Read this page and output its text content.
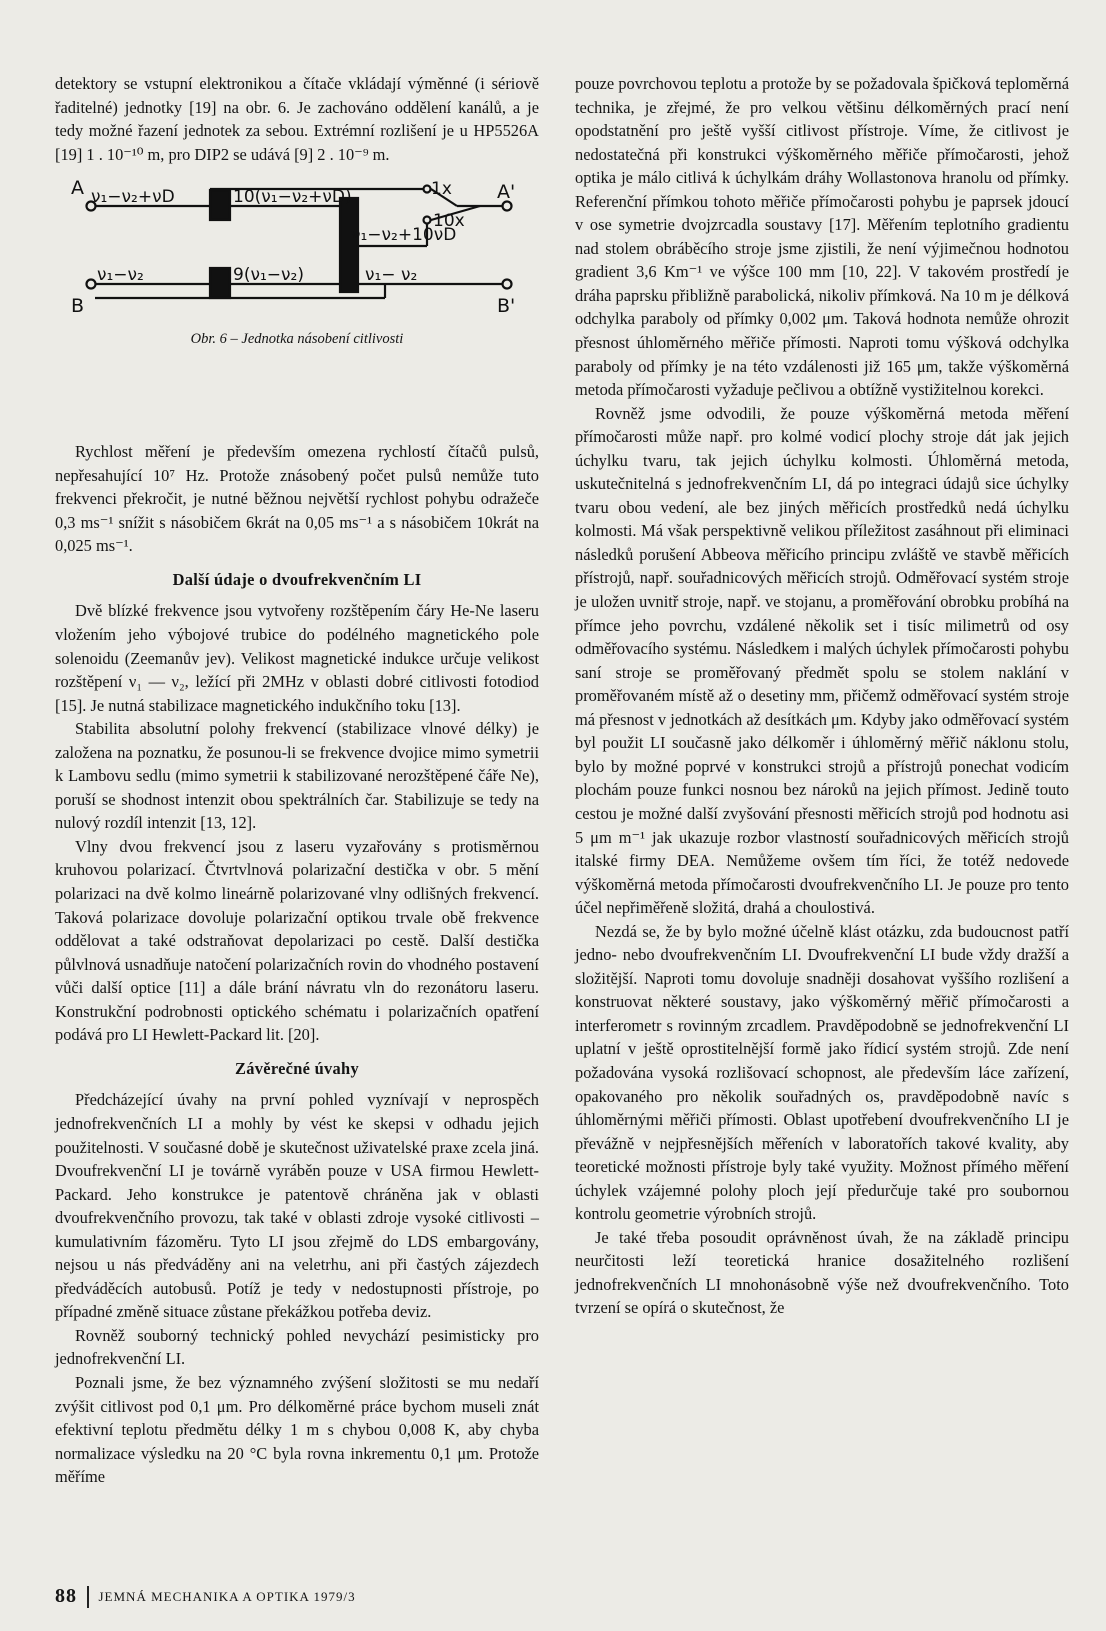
detektory se vstupní elektronikou a čítače vkládají výměnné (i sériově řaditelné) jednotky [19] na obr. 6. Je zachováno oddělení kanálů, a je tedy možné řazení jednotek za sebou. Extrémní rozlišení je u HP5526A [19] 1 . 10⁻¹⁰ m, pro DIP2 se udává [9] 2 . 10⁻⁹ m.

A
B
A'
B'
ν₁−ν₂+νD
ν₁−ν₂
10(ν₁−ν₂+νD)
9(ν₁−ν₂)
ν₁−ν₂+10νD
ν₁− ν₂
1x
10x
Obr. 6 – Jednotka násobení citlivosti

Rychlost měření je především omezena rychlostí čítačů pulsů, nepřesahující 10⁷ Hz. Protože znásobený počet pulsů nemůže tuto frekvenci překročit, je nutné běžnou největší rychlost pohybu odražeče 0,3 ms⁻¹ snížit s násobičem 6krát na 0,05 ms⁻¹ a s násobičem 10krát na 0,025 ms⁻¹.

Další údaje o dvoufrekvenčním LI

Dvě blízké frekvence jsou vytvořeny rozštěpením čáry He-Ne laseru vložením jeho výbojové trubice do podélného magnetického pole solenoidu (Zeemanův jev). Velikost magnetické indukce určuje velikost rozštěpení ν₁ — ν₂, ležící při 2MHz v oblasti dobré citlivosti fotodiod [15]. Je nutná stabilizace magnetického indukčního toku [13].

Stabilita absolutní polohy frekvencí (stabilizace vlnové délky) je založena na poznatku, že posunou-li se frekvence dvojice mimo symetrii k Lambovu sedlu (mimo symetrii k stabilizované nerozštěpené čáře Ne), poruší se shodnost intenzit obou spektrálních čar. Stabilizuje se tedy na nulový rozdíl intenzit [13, 12].

Vlny dvou frekvencí jsou z laseru vyzařovány s protisměrnou kruhovou polarizací. Čtvrtvlnová polarizační destička v obr. 5 mění polarizaci na dvě kolmo lineárně polarizované vlny odlišných frekvencí. Taková polarizace dovoluje polarizační optikou trvale obě frekvence oddělovat a také odstraňovat depolarizaci po cestě. Další destička půlvlnová usnadňuje natočení polarizačních rovin do vhodného postavení vůči další optice [11] a dále brání návratu vln do rezonátoru laseru. Konstrukční podrobnosti optického schématu i polarizačních opatření podává pro LI Hewlett-Packard lit. [20].

Závěrečné úvahy

Předcházející úvahy na první pohled vyznívají v neprospěch jednofrekvenčních LI a mohly by vést ke skepsi v odhadu jejich použitelnosti. V současné době je skutečnost uživatelské praxe zcela jiná. Dvoufrekvenční LI je továrně vyráběn pouze v USA firmou Hewlett-Packard. Jeho konstrukce je patentově chráněna jak v oblasti dvoufrekvenčního provozu, tak také v oblasti zdroje vysoké citlivosti – kumulativním fázoměru. Tyto LI jsou zřejmě do LDS embargovány, nejsou u nás předváděny ani na veletrhu, ani při častých zájezdech předváděcích autobusů. Potíž je tedy v nedostupnosti přístroje, po případné změně situace zůstane překážkou potřeba deviz.

Rovněž souborný technický pohled nevychází pesimisticky pro jednofrekvenční LI.

Poznali jsme, že bez významného zvýšení složitosti se mu nedaří zvýšit citlivost pod 0,1 μm. Pro délkoměrné práce bychom museli znát efektivní teplotu předmětu délky 1 m s chybou 0,008 K, aby chyba normalizace výsledku na 20 °C byla rovna inkrementu 0,1 μm. Protože měříme

pouze povrchovou teplotu a protože by se požadovala špičková teploměrná technika, je zřejmé, že pro velkou většinu délkoměrných prací není opodstatnění pro ještě vyšší citlivost přístroje. Víme, že citlivost je nedostatečná při konstrukci výškoměrného měřiče přímočarosti, jehož optika je málo citlivá k úchylkám dráhy Wollastonova hranolu od přímky. Referenční přímkou tohoto měřiče přímočarosti pohybu je paprsek jdoucí v ose symetrie dvojzrcadla soustavy [17]. Měřením teplotního gradientu nad stolem obráběcího stroje jsme zjistili, že není výjimečnou hodnotou gradient 3,6 Km⁻¹ ve výšce 100 mm [10, 22]. V takovém prostředí je dráha paprsku přibližně parabolická, nikoliv přímková. Na 10 m je délková odchylka paraboly od přímky 0,002 μm. Taková hodnota nemůže ohrozit přesnost úhloměrného měřiče přímosti. Naproti tomu výšková odchylka paraboly od přímky je na této vzdálenosti již 165 μm, takže výškoměrná metoda přímočarosti vyžaduje pečlivou a obtížně vystižitelnou korekci.

Rovněž jsme odvodili, že pouze výškoměrná metoda měření přímočarosti může např. pro kolmé vodicí plochy stroje dát jak jejich úchylku tvaru, tak jejich úchylku kolmosti. Úhloměrná metoda, uskutečnitelná s jednofrekvenčním LI, dá po integraci údajů sice úchylky tvaru obou vedení, ale bez jiných měřicích prostředků nedá úchylku kolmosti. Má však perspektivně velikou příležitost zasáhnout při eliminaci následků porušení Abbeova měřicího principu zvláště ve stavbě měřicích přístrojů, např. souřadnicových měřicích strojů. Odměřovací systém stroje je uložen uvnitř stroje, např. ve stojanu, a proměřování obrobku probíhá na přímce jeho povrchu, vzdálené několik set i tisíc milimetrů od osy odměřovacího systému. Následkem i malých úchylek přímočarosti pohybu saní stroje se proměřovaný předmět spolu se stolem naklání v proměřovaném místě až o desetiny mm, přičemž odměřovací systém stroje má přesnost v jednotkách až desítkách μm. Kdyby jako odměřovací systém byl použit LI současně jako délkoměr i úhloměrný měřič náklonu stolu, bylo by možné poprvé v konstrukci strojů a přístrojů ponechat vodicím plochám pouze funkci nosnou bez nároků na jejich přímost. Jedině touto cestou je možné další zvyšování přesnosti měřicích strojů pod hodnotu asi 5 μm m⁻¹ jak ukazuje rozbor vlastností souřadnicových měřicích strojů italské firmy DEA. Nemůžeme ovšem tím říci, že totéž nedovede výškoměrná metoda přímočarosti dvoufrekvenčního LI. Je pouze pro tento účel nepřiměřeně složitá, drahá a choulostivá.

Nezdá se, že by bylo možné účelně klást otázku, zda budoucnost patří jedno- nebo dvoufrekvenčním LI. Dvoufrekvenční LI bude vždy dražší a složitější. Naproti tomu dovoluje snadněji dosahovat vyššího rozlišení a konstruovat některé soustavy, jako výškoměrný měřič přímočarosti a interferometr s rovinným zrcadlem. Pravděpodobně se jednofrekvenční LI uplatní v ještě oprostitelnější formě jako řídicí systém strojů. Zde není požadována vysoká rozlišovací schopnost, ale především láce zařízení, opakovaného pro několik souřadných os, pravděpodobně navíc s úhloměrnými měřiči přímosti. Oblast upotřebení dvoufrekvenčního LI je převážně v nejpřesnějších měřeních v laboratořích takové kvality, aby teoretické možnosti přístroje byly také využity. Možnost přímého měření úchylek vzájemné polohy ploch její předurčuje také pro soubornou kontrolu geometrie výrobních strojů.

Je také třeba posoudit oprávněnost úvah, že na základě principu neurčitosti leží teoretická hranice dosažitelného rozlišení jednofrekvenčních LI mnohonásobně výše než dvoufrekvenčního. Toto tvrzení se opírá o skutečnost, že

88 JEMNÁ MECHANIKA A OPTIKA 1979/3
